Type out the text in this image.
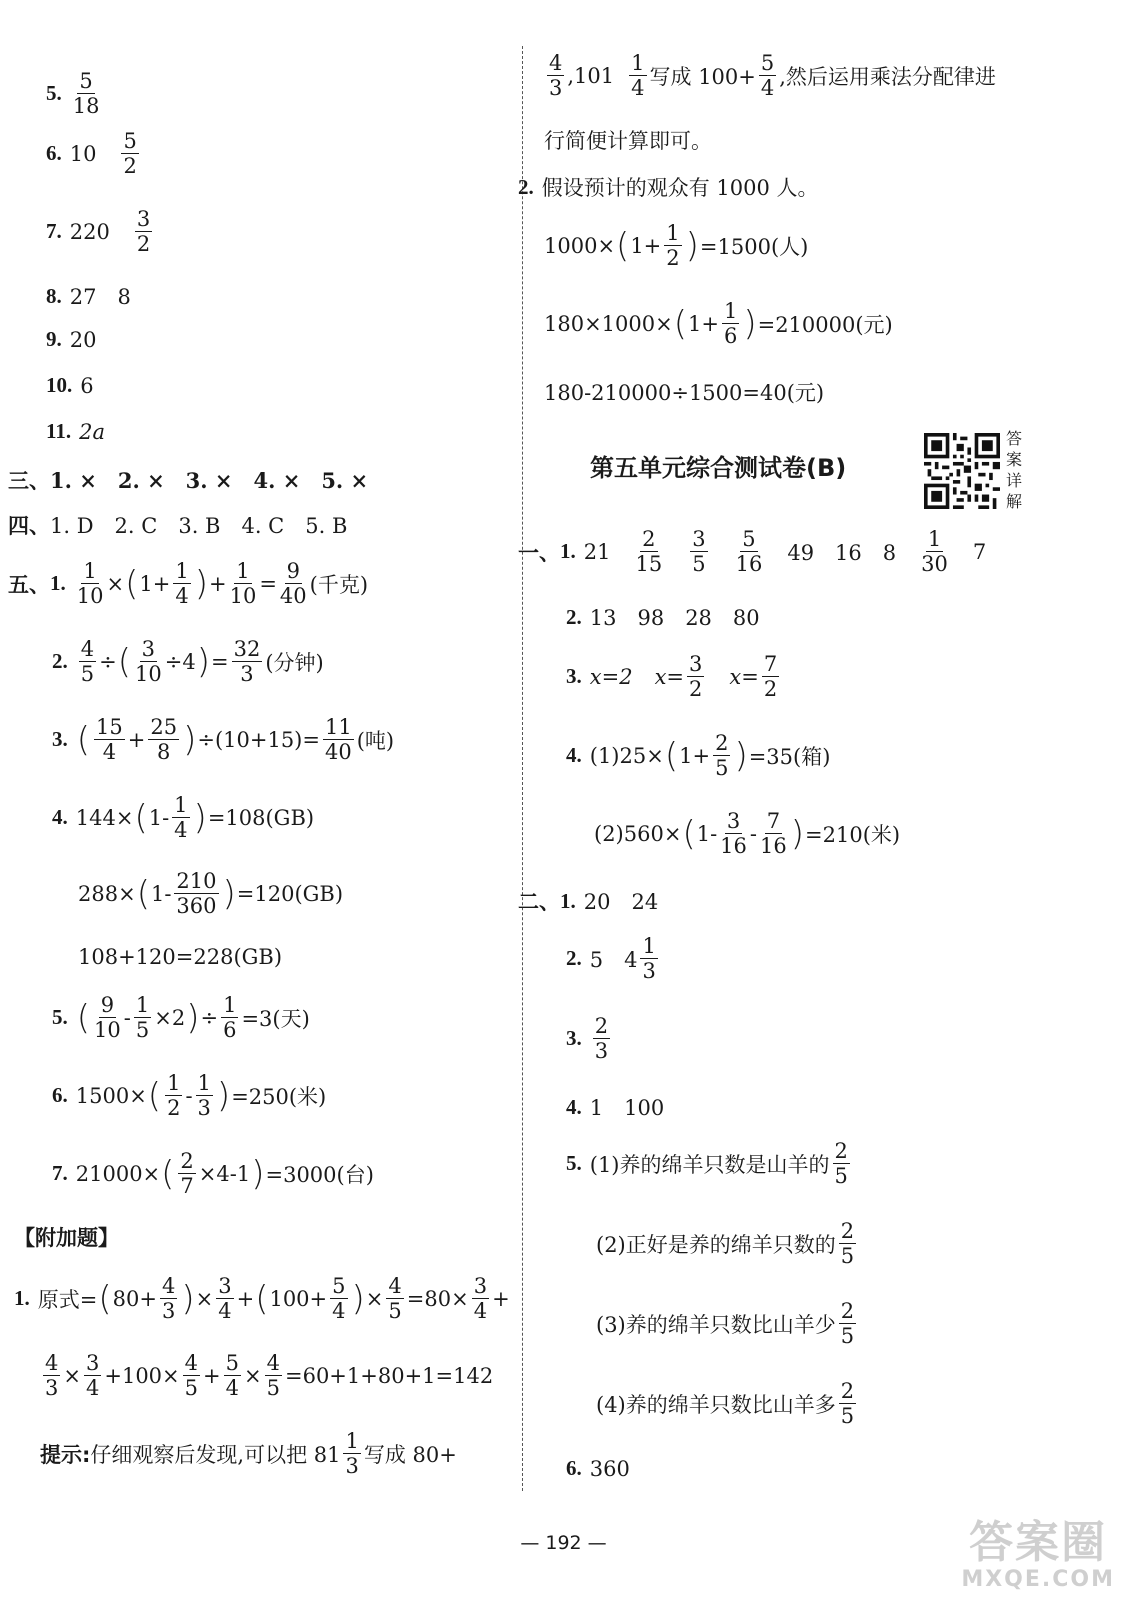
5. $\frac{5}{18}$
6. $10 \frac{5}{2}$
7. $220 \frac{3}{2}$
8. 27　8
9. 20
10. 6
11. 2a
三、 1. ×　2. ×　3. ×　4. ×　5. ×
四、 1. D　2. C　3. B　4. C　5. B
五、 1. $\frac{1}{10}$ × ( $1+ \frac{1}{4}$ ) + $\frac{1}{10} = \frac{9}{40}$ (千克)
2. $\frac{4}{5}$ ÷ ( $\frac{3}{10} \div 4$ ) = $\frac{32}{3}$ (分钟)
3. ( $\frac{15}{4} + \frac{25}{8}$ ) $\div(10+15)= \frac{11}{40}$ (吨)
4. 144× ( $1- \frac{1}{4}$ ) =108(GB)
288× ( $1- \frac{210}{360}$ ) =120(GB)
108+120=228(GB)
5. ( $\frac{9}{10} - \frac{1}{5} \times 2$ ) ÷ $\frac{1}{6} =3$(天)
6. 1500× ( $\frac{1}{2} - \frac{1}{3}$ ) =250(米)
7. 21000× ( $\frac{2}{7} \times 4-1$ ) =3000(台)
【附加题】
1. 原式= ( $80+ \frac{4}{3}$ ) × $\frac{3}{4}$ + ( $100+ \frac{5}{4}$ ) × $\frac{4}{5} =80\times \frac{3}{4}$ +
$\frac{4}{3} \times \frac{3}{4} +100\times \frac{4}{5} + \frac{5}{4} \times \frac{4}{5} =60+1+80+1=142$
提示: 仔细观察后发现,可以把 $81 \frac{1}{3}$ 写成 80+
$\frac{4}{3} ,101 \frac{1}{4}$ 写成 $100+ \frac{5}{4}$ ,然后运用乘法分配律进
行简便计算即可。
2. 假设预计的观众有 1000 人。
1000× ( $1+ \frac{1}{2}$ ) =1500(人)
180×1000× ( $1+ \frac{1}{6}$ ) =210000(元)
180-210000÷1500=40(元)
第五单元综合测试卷(B)
答案详解
一、 1. $21 \frac{2}{15} \frac{3}{5} \frac{5}{16} 49$　16　$8 \frac{1}{30} 7$
2. 13　98　28　80
3. x=2 $x= \frac{3}{2} x= \frac{7}{2}$
4. (1)25× ( $1+ \frac{2}{5}$ ) =35(箱)
(2)560× ( $1- \frac{3}{16} - \frac{7}{16}$ ) =210(米)
二、 1. 20　24
2. 5　$4 \frac{1}{3}$
3. $\frac{2}{3}$
4. 1　100
5. (1)养的绵羊只数是山羊的 $\frac{2}{5}$
(2)正好是养的绵羊只数的 $\frac{2}{5}$
(3)养的绵羊只数比山羊少 $\frac{2}{5}$
(4)养的绵羊只数比山羊多 $\frac{2}{5}$
6. 360
— 192 —	答案圈
MXQE.COM
